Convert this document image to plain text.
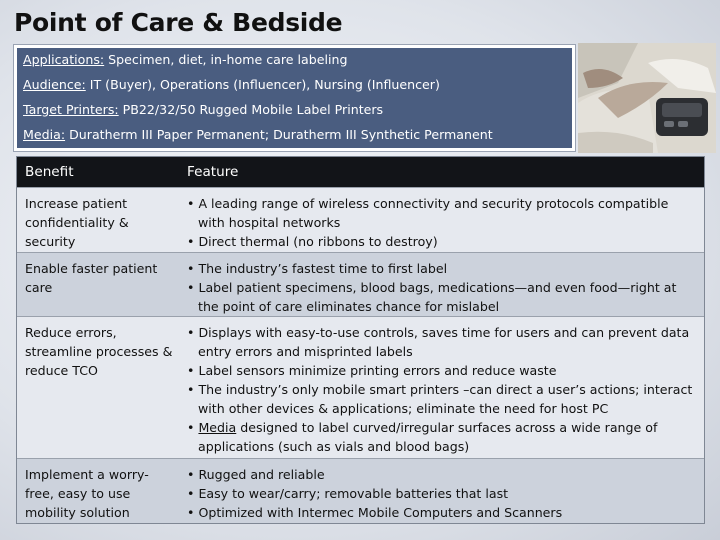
Point of Care & Bedside
Applications: Specimen, diet, in-home care labeling
Audience: IT (Buyer), Operations (Influencer), Nursing (Influencer)
Target Printers: PB22/32/50 Rugged Mobile Label Printers
Media: Duratherm III Paper Permanent; Duratherm III Synthetic Permanent
Benefit	Feature
Increase patient confidentiality & security
• A leading range of wireless connectivity and security protocols compatible with hospital networks
• Direct thermal (no ribbons to destroy)
Enable faster patient care
• The industry’s fastest time to first label
• Label patient specimens, blood bags, medications—and even food—right at the point of care eliminates chance for mislabel
Reduce errors, streamline processes & reduce TCO
• Displays with easy-to-use controls, saves time for users and can prevent data entry errors and misprinted labels
• Label sensors minimize printing errors and reduce waste
• The industry’s only mobile smart printers –can direct a user’s actions; interact with other devices & applications; eliminate the need for host PC
• Media designed to label curved/irregular surfaces across a wide range of applications (such as vials and blood bags)
Implement a worry-free, easy to use mobility solution
• Rugged and reliable
• Easy to wear/carry; removable batteries that last
• Optimized with Intermec Mobile Computers and Scanners
